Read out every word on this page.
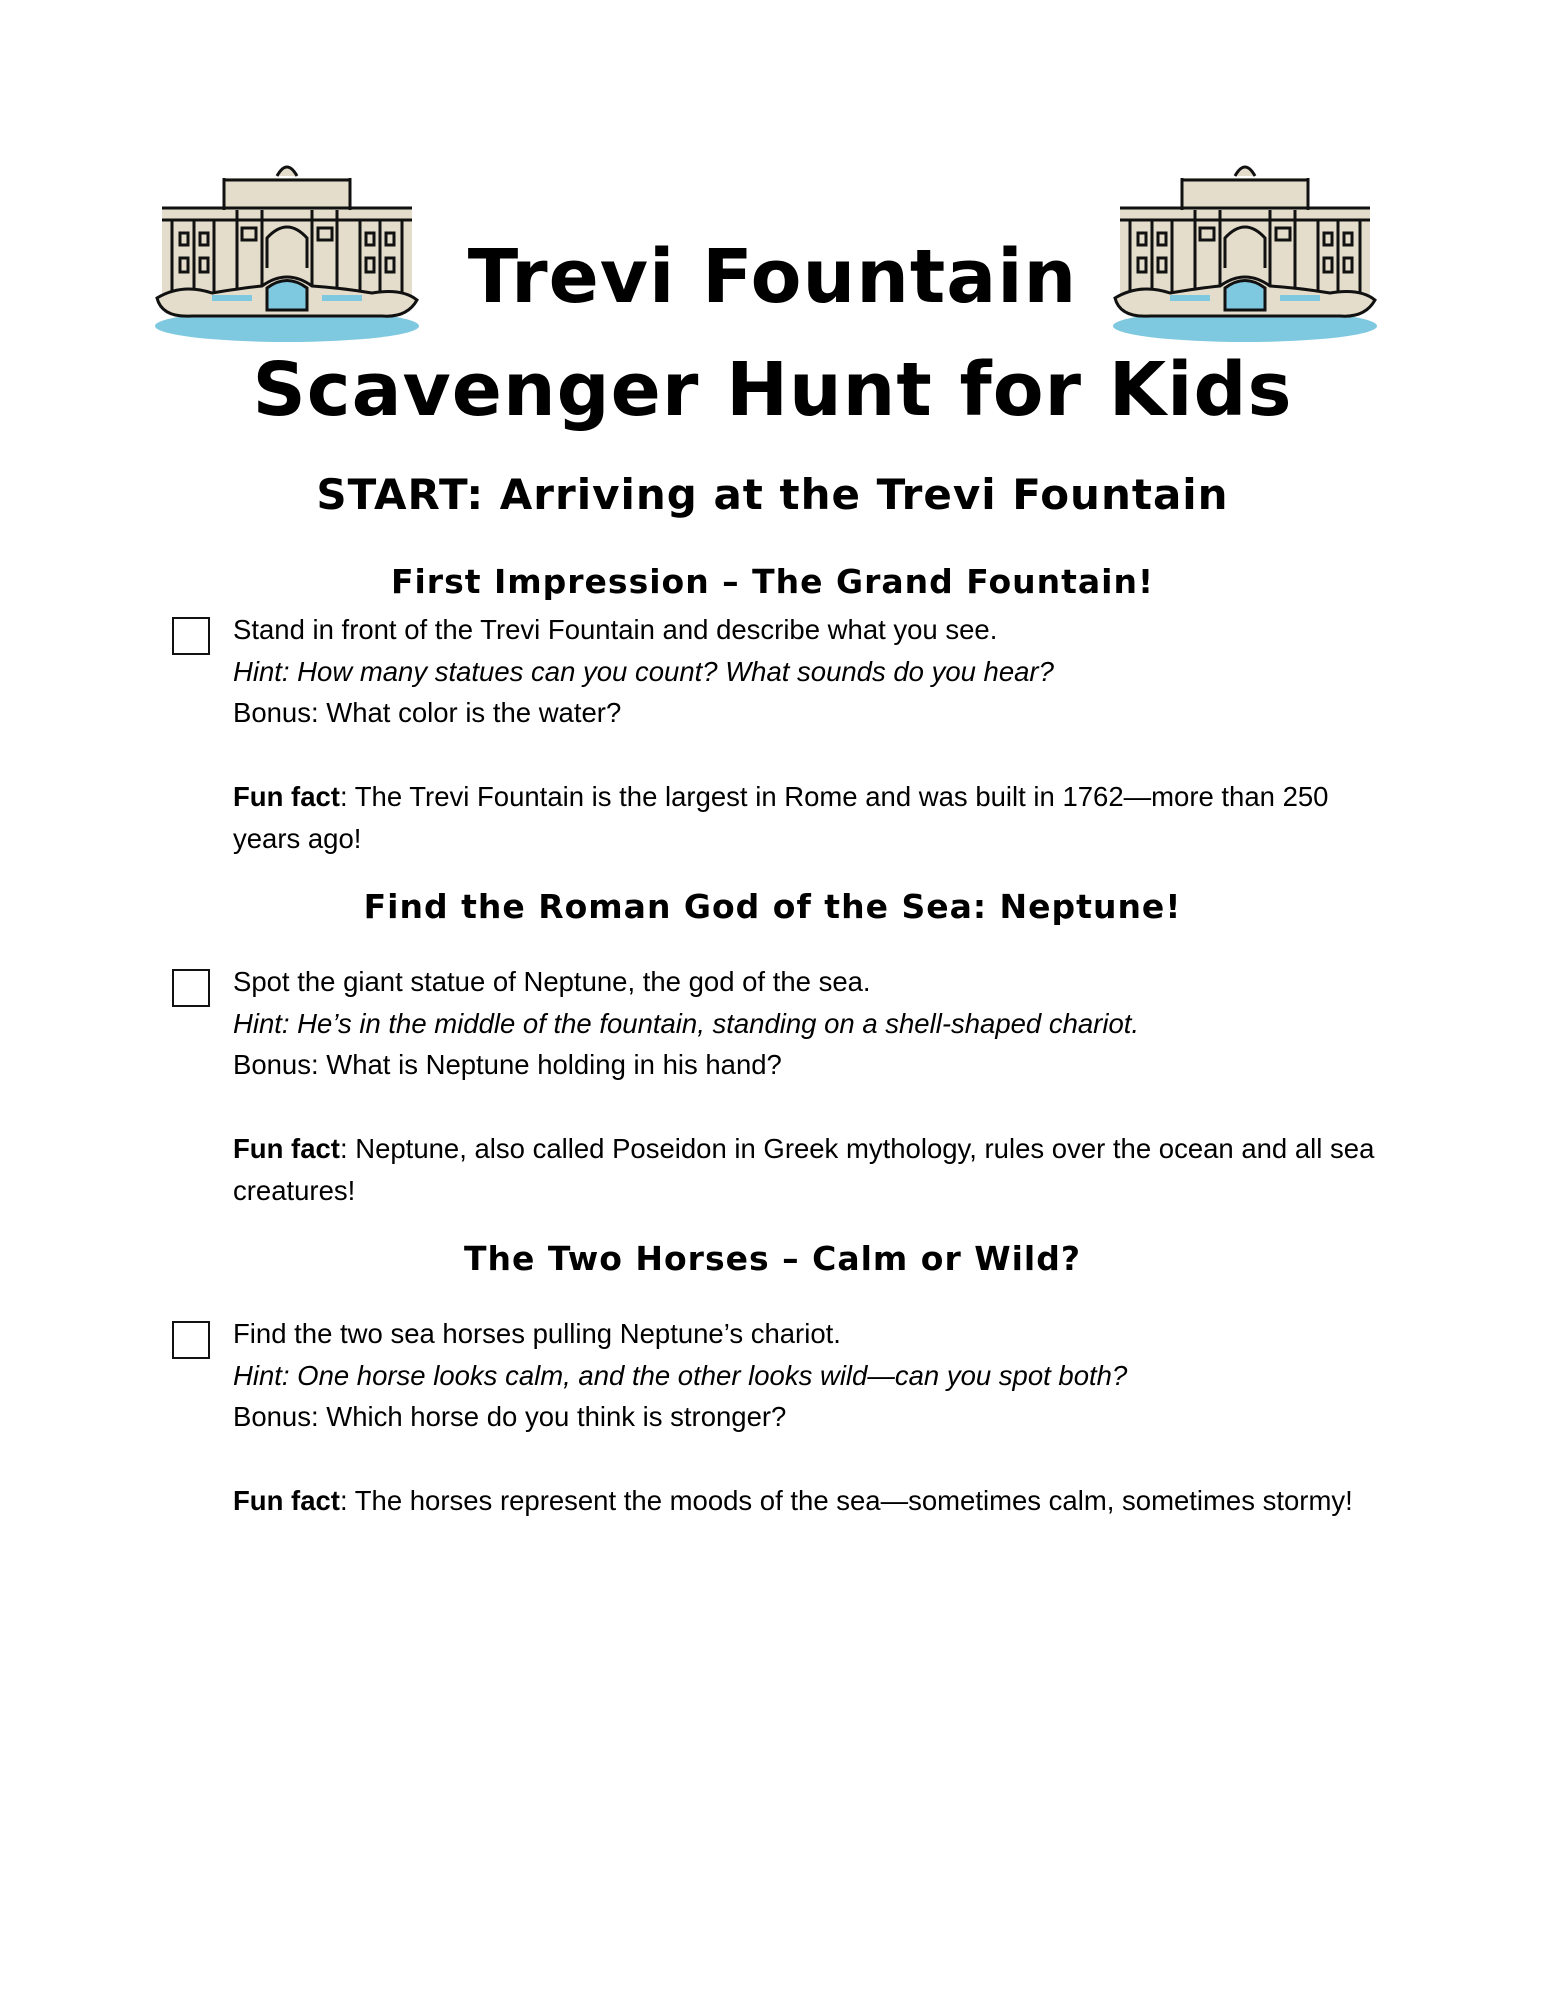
Trevi Fountain
Scavenger Hunt for Kids
START: Arriving at the Trevi Fountain
First Impression – The Grand Fountain!
Stand in front of the Trevi Fountain and describe what you see.
Hint: How many statues can you count? What sounds do you hear?
Bonus: What color is the water?
Fun fact: The Trevi Fountain is the largest in Rome and was built in 1762—more than 250 years ago!
Find the Roman God of the Sea: Neptune!
Spot the giant statue of Neptune, the god of the sea.
Hint: He’s in the middle of the fountain, standing on a shell-shaped chariot.
Bonus: What is Neptune holding in his hand?
Fun fact: Neptune, also called Poseidon in Greek mythology, rules over the ocean and all sea creatures!
The Two Horses – Calm or Wild?
Find the two sea horses pulling Neptune’s chariot.
Hint: One horse looks calm, and the other looks wild—can you spot both?
Bonus: Which horse do you think is stronger?
Fun fact: The horses represent the moods of the sea—sometimes calm, sometimes stormy!
